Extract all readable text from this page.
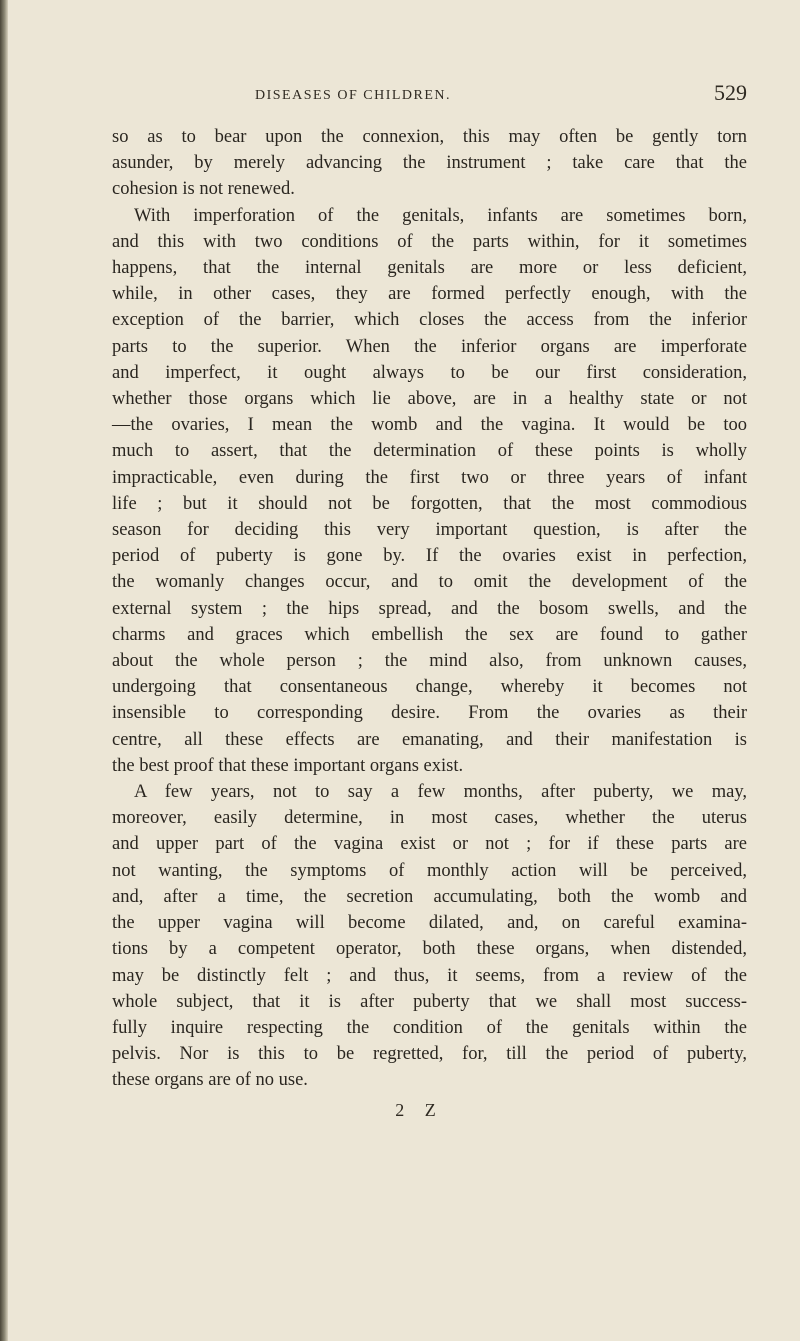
DISEASES OF CHILDREN.	529
so as to bear upon the connexion, this may often be gently torn
asunder, by merely advancing the instrument ; take care that the
cohesion is not renewed.
With imperforation of the genitals, infants are sometimes born,
and this with two conditions of the parts within, for it sometimes
happens, that the internal genitals are more or less deficient,
while, in other cases, they are formed perfectly enough, with the
exception of the barrier, which closes the access from the inferior
parts to the superior. When the inferior organs are imperforate
and imperfect, it ought always to be our first consideration,
whether those organs which lie above, are in a healthy state or not
—the ovaries, I mean the womb and the vagina. It would be too
much to assert, that the determination of these points is wholly
impracticable, even during the first two or three years of infant
life ; but it should not be forgotten, that the most commodious
season for deciding this very important question, is after the
period of puberty is gone by. If the ovaries exist in perfection,
the womanly changes occur, and to omit the development of the
external system ; the hips spread, and the bosom swells, and the
charms and graces which embellish the sex are found to gather
about the whole person ; the mind also, from unknown causes,
undergoing that consentaneous change, whereby it becomes not
insensible to corresponding desire. From the ovaries as their
centre, all these effects are emanating, and their manifestation is
the best proof that these important organs exist.
A few years, not to say a few months, after puberty, we may,
moreover, easily determine, in most cases, whether the uterus
and upper part of the vagina exist or not ; for if these parts are
not wanting, the symptoms of monthly action will be perceived,
and, after a time, the secretion accumulating, both the womb and
the upper vagina will become dilated, and, on careful examina-
tions by a competent operator, both these organs, when distended,
may be distinctly felt ; and thus, it seems, from a review of the
whole subject, that it is after puberty that we shall most success-
fully inquire respecting the condition of the genitals within the
pelvis. Nor is this to be regretted, for, till the period of puberty,
these organs are of no use.
2 Z
